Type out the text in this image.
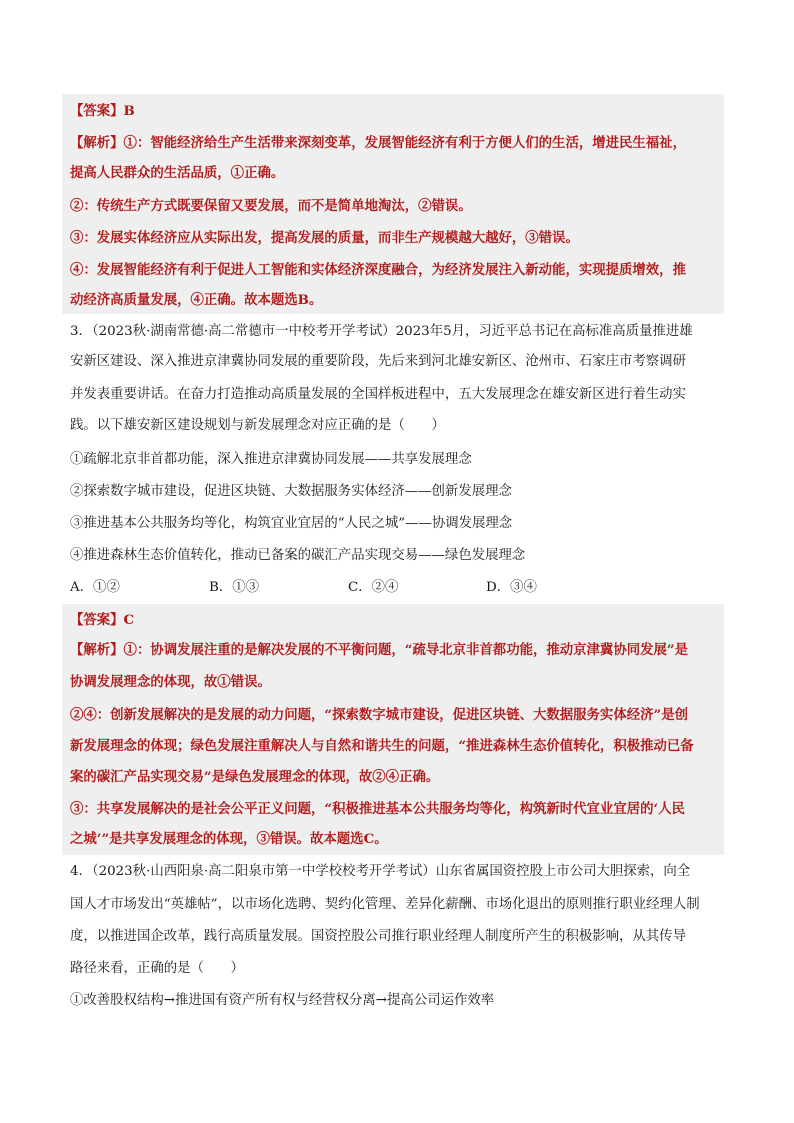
【答案】B
【解析】①：智能经济给生产生活带来深刻变革，发展智能经济有利于方便人们的生活，增进民生福祉，
提高人民群众的生活品质，①正确。
②：传统生产方式既要保留又要发展，而不是简单地淘汰，②错误。
③：发展实体经济应从实际出发，提高发展的质量，而非生产规模越大越好，③错误。
④：发展智能经济有利于促进人工智能和实体经济深度融合，为经济发展注入新动能，实现提质增效，推
动经济高质量发展，④正确。故本题选B。
3．（2023秋·湖南常德·高二常德市一中校考开学考试）2023年5月，习近平总书记在高标准高质量推进雄
安新区建设、深入推进京津冀协同发展的重要阶段，先后来到河北雄安新区、沧州市、石家庄市考察调研
并发表重要讲话。在奋力打造推动高质量发展的全国样板进程中，五大发展理念在雄安新区进行着生动实
践。以下雄安新区建设规划与新发展理念对应正确的是（　　）
①疏解北京非首都功能，深入推进京津冀协同发展——共享发展理念
②探索数字城市建设，促进区块链、大数据服务实体经济——创新发展理念
③推进基本公共服务均等化，构筑宜业宜居的“人民之城”——协调发展理念
④推进森林生态价值转化，推动已备案的碳汇产品实现交易——绿色发展理念
A．①②	B．①③	C．②④	D．③④
【答案】C
【解析】①：协调发展注重的是解决发展的不平衡问题，“疏导北京非首都功能，推动京津冀协同发展”是
协调发展理念的体现，故①错误。
②④：创新发展解决的是发展的动力问题，“探索数字城市建设，促进区块链、大数据服务实体经济”是创
新发展理念的体现；绿色发展注重解决人与自然和谐共生的问题，“推进森林生态价值转化，积极推动已备
案的碳汇产品实现交易”是绿色发展理念的体现，故②④正确。
③：共享发展解决的是社会公平正义问题，“积极推进基本公共服务均等化，构筑新时代宜业宜居的‘人民
之城’”是共享发展理念的体现，③错误。故本题选C。
4．（2023秋·山西阳泉·高二阳泉市第一中学校校考开学考试）山东省属国资控股上市公司大胆探索，向全
国人才市场发出“英雄帖”，以市场化选聘、契约化管理、差异化薪酬、市场化退出的原则推行职业经理人制
度，以推进国企改革，践行高质量发展。国资控股公司推行职业经理人制度所产生的积极影响，从其传导
路径来看，正确的是（　　）
①改善股权结构→推进国有资产所有权与经营权分离→提高公司运作效率
